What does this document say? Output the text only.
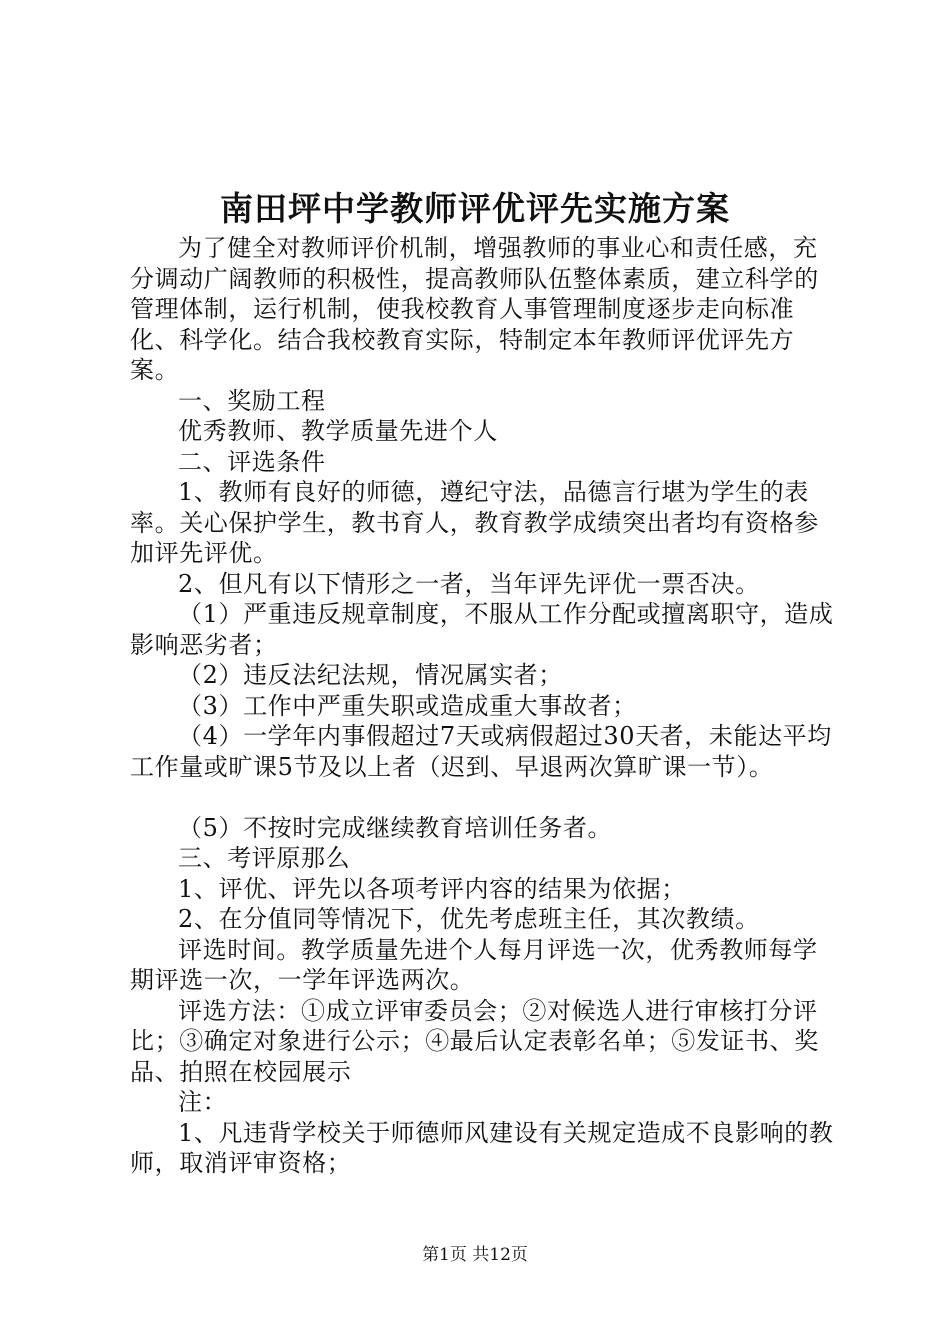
南田坪中学教师评优评先实施方案

为了健全对教师评价机制，增强教师的事业心和责任感，充分调动广阔教师的积极性，提高教师队伍整体素质，建立科学的管理体制，运行机制，使我校教育人事管理制度逐步走向标准化、科学化。结合我校教育实际，特制定本年教师评优评先方案。

一、奖励工程

优秀教师、教学质量先进个人

二、评选条件

1、教师有良好的师德，遵纪守法，品德言行堪为学生的表率。关心保护学生，教书育人，教育教学成绩突出者均有资格参加评先评优。

2、但凡有以下情形之一者，当年评先评优一票否决。

（1）严重违反规章制度，不服从工作分配或擅离职守，造成影响恶劣者；

（2）违反法纪法规，情况属实者；

（3）工作中严重失职或造成重大事故者；

（4）一学年内事假超过7天或病假超过30天者，未能达平均工作量或旷课5节及以上者（迟到、早退两次算旷课一节）。

（5）不按时完成继续教育培训任务者。

三、考评原那么

1、评优、评先以各项考评内容的结果为依据；

2、在分值同等情况下，优先考虑班主任，其次教绩。

评选时间。教学质量先进个人每月评选一次，优秀教师每学期评选一次，一学年评选两次。

评选方法：①成立评审委员会；②对候选人进行审核打分评比；③确定对象进行公示；④最后认定表彰名单；⑤发证书、奖品、拍照在校园展示

注：

1、凡违背学校关于师德师风建设有关规定造成不良影响的教师，取消评审资格；

第1页 共12页
